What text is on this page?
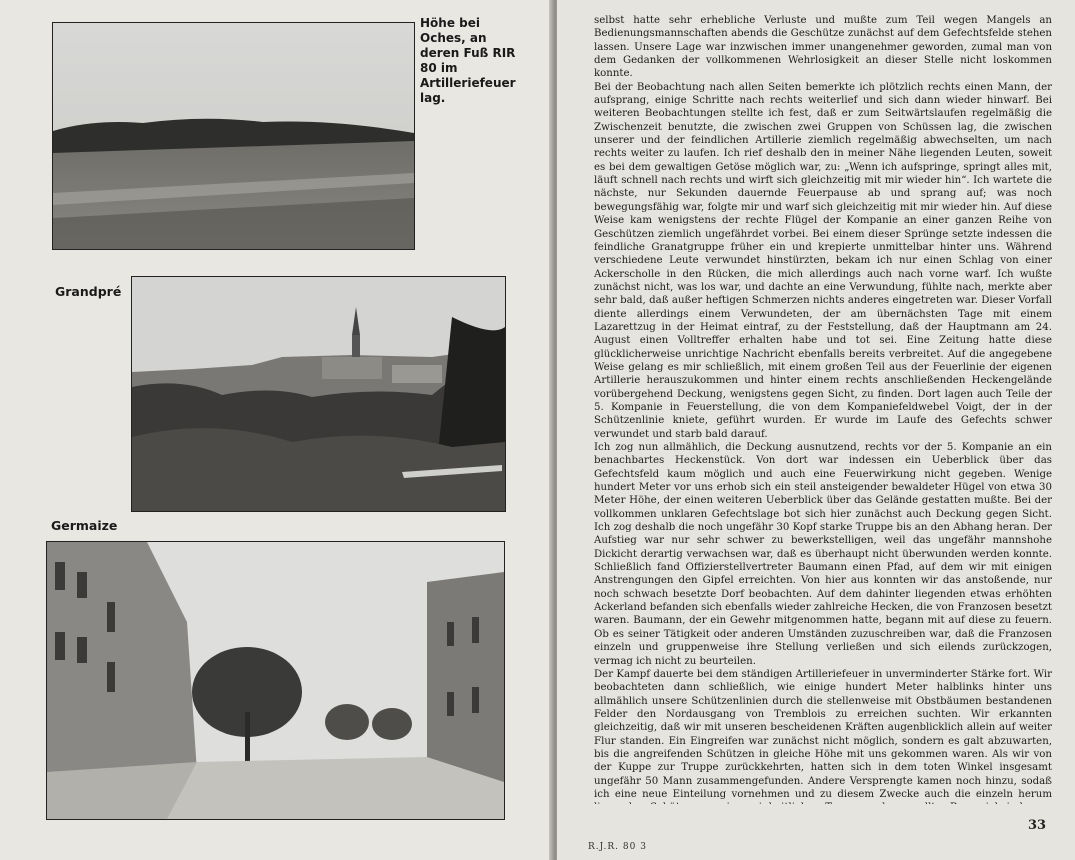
Höhe bei Oches, an deren Fuß RIR 80 im Artilleriefeuer lag.
Grandpré
Germaize

selbst hatte sehr erhebliche Verluste und mußte zum Teil wegen Mangels an Bedienungsmannschaften abends die Geschütze zunächst auf dem Gefechtsfelde stehen lassen. Unsere Lage war inzwischen immer unangenehmer geworden, zumal man von dem Gedanken der vollkommenen Wehrlosigkeit an dieser Stelle nicht loskommen konnte.

Bei der Beobachtung nach allen Seiten bemerkte ich plötzlich rechts einen Mann, der aufsprang, einige Schritte nach rechts weiterlief und sich dann wieder hinwarf. Bei weiteren Beobachtungen stellte ich fest, daß er zum Seitwärtslaufen regelmäßig die Zwischenzeit benutzte, die zwischen zwei Gruppen von Schüssen lag, die zwischen unserer und der feindlichen Artillerie ziemlich regelmäßig abwechselten, um nach rechts weiter zu laufen. Ich rief deshalb den in meiner Nähe liegenden Leuten, soweit es bei dem gewaltigen Getöse möglich war, zu: „Wenn ich aufspringe, springt alles mit, läuft schnell nach rechts und wirft sich gleichzeitig mit mir wieder hin“. Ich wartete die nächste, nur Sekunden dauernde Feuerpause ab und sprang auf; was noch bewegungsfähig war, folgte mir und warf sich gleichzeitig mit mir wieder hin. Auf diese Weise kam wenigstens der rechte Flügel der Kompanie an einer ganzen Reihe von Geschützen ziemlich ungefährdet vorbei. Bei einem dieser Sprünge setzte indessen die feindliche Granatgruppe früher ein und krepierte unmittelbar hinter uns. Während verschiedene Leute verwundet hinstürzten, bekam ich nur einen Schlag von einer Ackerscholle in den Rücken, die mich allerdings auch nach vorne warf. Ich wußte zunächst nicht, was los war, und dachte an eine Verwundung, fühlte nach, merkte aber sehr bald, daß außer heftigen Schmerzen nichts anderes eingetreten war. Dieser Vorfall diente allerdings einem Verwundeten, der am übernächsten Tage mit einem Lazarettzug in der Heimat eintraf, zu der Feststellung, daß der Hauptmann am 24. August einen Volltreffer erhalten habe und tot sei. Eine Zeitung hatte diese glücklicherweise unrichtige Nachricht ebenfalls bereits verbreitet. Auf die angegebene Weise gelang es mir schließlich, mit einem großen Teil aus der Feuerlinie der eigenen Artillerie herauszukommen und hinter einem rechts anschließenden Heckengelände vorübergehend Deckung, wenigstens gegen Sicht, zu finden. Dort lagen auch Teile der 5. Kompanie in Feuerstellung, die von dem Kompaniefeldwebel Voigt, der in der Schützenlinie kniete, geführt wurden. Er wurde im Laufe des Gefechts schwer verwundet und starb bald darauf.

Ich zog nun allmählich, die Deckung ausnutzend, rechts vor der 5. Kompanie an ein benachbartes Heckenstück. Von dort war indessen ein Ueberblick über das Gefechtsfeld kaum möglich und auch eine Feuerwirkung nicht gegeben. Wenige hundert Meter vor uns erhob sich ein steil ansteigender bewaldeter Hügel von etwa 30 Meter Höhe, der einen weiteren Ueberblick über das Gelände gestatten mußte. Bei der vollkommen unklaren Gefechtslage bot sich hier zunächst auch Deckung gegen Sicht. Ich zog deshalb die noch ungefähr 30 Kopf starke Truppe bis an den Abhang heran. Der Aufstieg war nur sehr schwer zu bewerkstelligen, weil das ungefähr mannshohe Dickicht derartig verwachsen war, daß es überhaupt nicht überwunden werden konnte. Schließlich fand Offizierstellvertreter Baumann einen Pfad, auf dem wir mit einigen Anstrengungen den Gipfel erreichten. Von hier aus konnten wir das anstoßende, nur noch schwach besetzte Dorf beobachten. Auf dem dahinter liegenden etwas erhöhten Ackerland befanden sich ebenfalls wieder zahlreiche Hecken, die von Franzosen besetzt waren. Baumann, der ein Gewehr mitgenommen hatte, begann mit auf diese zu feuern. Ob es seiner Tätigkeit oder anderen Umständen zuzuschreiben war, daß die Franzosen einzeln und gruppenweise ihre Stellung verließen und sich eilends zurückzogen, vermag ich nicht zu beurteilen.

Der Kampf dauerte bei dem ständigen Artilleriefeuer in unverminderter Stärke fort. Wir beobachteten dann schließlich, wie einige hundert Meter halblinks hinter uns allmählich unsere Schützenlinien durch die stellenweise mit Obstbäumen bestandenen Felder den Nordausgang von Tremblois zu erreichen suchten. Wir erkannten gleichzeitig, daß wir mit unseren bescheidenen Kräften augenblicklich allein auf weiter Flur standen. Ein Eingreifen war zunächst nicht möglich, sondern es galt abzuwarten, bis die angreifenden Schützen in gleiche Höhe mit uns gekommen waren. Als wir von der Kuppe zur Truppe zurückkehrten, hatten sich in dem toten Winkel insgesamt ungefähr 50 Mann zusammengefunden. Andere Versprengte kamen noch hinzu, sodaß ich eine neue Einteilung vornehmen und zu diesem Zwecke auch die einzeln herum

33
R.J.R. 80 3
